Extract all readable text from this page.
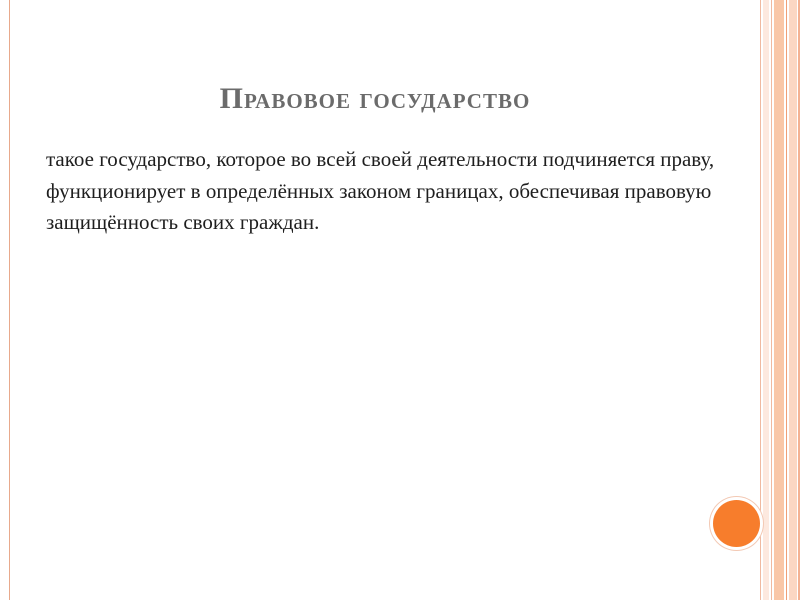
Правовое государство
такое государство, которое во всей своей деятельности подчиняется праву, функционирует в определённых законом границах, обеспечивая правовую защищённость своих граждан.
